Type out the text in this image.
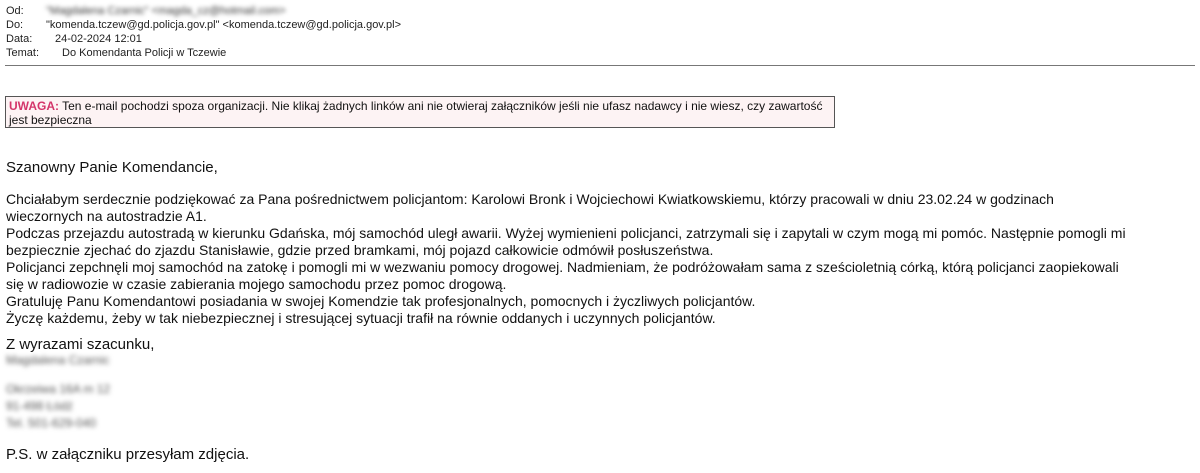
Od:	"Magdalena Czarnic" <magda_cz@hotmail.com>
Do:	"komenda.tczew@gd.policja.gov.pl" <komenda.tczew@gd.policja.gov.pl>
Data:	24-02-2024 12:01
Temat:	Do Komendanta Policji w Tczewie
UWAGA: Ten e-mail pochodzi spoza organizacji. Nie klikaj żadnych linków ani nie otwieraj załączników jeśli nie ufasz nadawcy i nie wiesz, czy zawartość jest bezpieczna
Szanowny Panie Komendancie,
Chciałabym serdecznie podziękować za Pana pośrednictwem policjantom: Karolowi Bronk i Wojciechowi Kwiatkowskiemu, którzy pracowali w dniu 23.02.24 w godzinach
wieczornych na autostradzie A1.
Podczas przejazdu autostradą w kierunku Gdańska, mój samochód uległ awarii. Wyżej wymienieni policjanci, zatrzymali się i zapytali w czym mogą mi pomóc. Następnie pomogli mi
bezpiecznie zjechać do zjazdu Stanisławie, gdzie przed bramkami, mój pojazd całkowicie odmówił posłuszeństwa.
Policjanci zepchnęli moj samochód na zatokę i pomogli mi w wezwaniu pomocy drogowej. Nadmieniam, że podróżowałam sama z sześcioletnią córką, którą policjanci zaopiekowali
się w radiowozie w czasie zabierania mojego samochodu przez pomoc drogową.
Gratuluję Panu Komendantowi posiadania w swojej Komendzie tak profesjonalnych, pomocnych i życzliwych policjantów.
Życzę każdemu, żeby w tak niebezpiecznej i stresującej sytuacji trafił na równie oddanych i uczynnych policjantów.
Z wyrazami szacunku,
Magdalena Czarnic
Okrzeiwa 16A m 12
91-498 Łódź
Tel. 501-629-040
P.S. w załączniku przesyłam zdjęcia.
